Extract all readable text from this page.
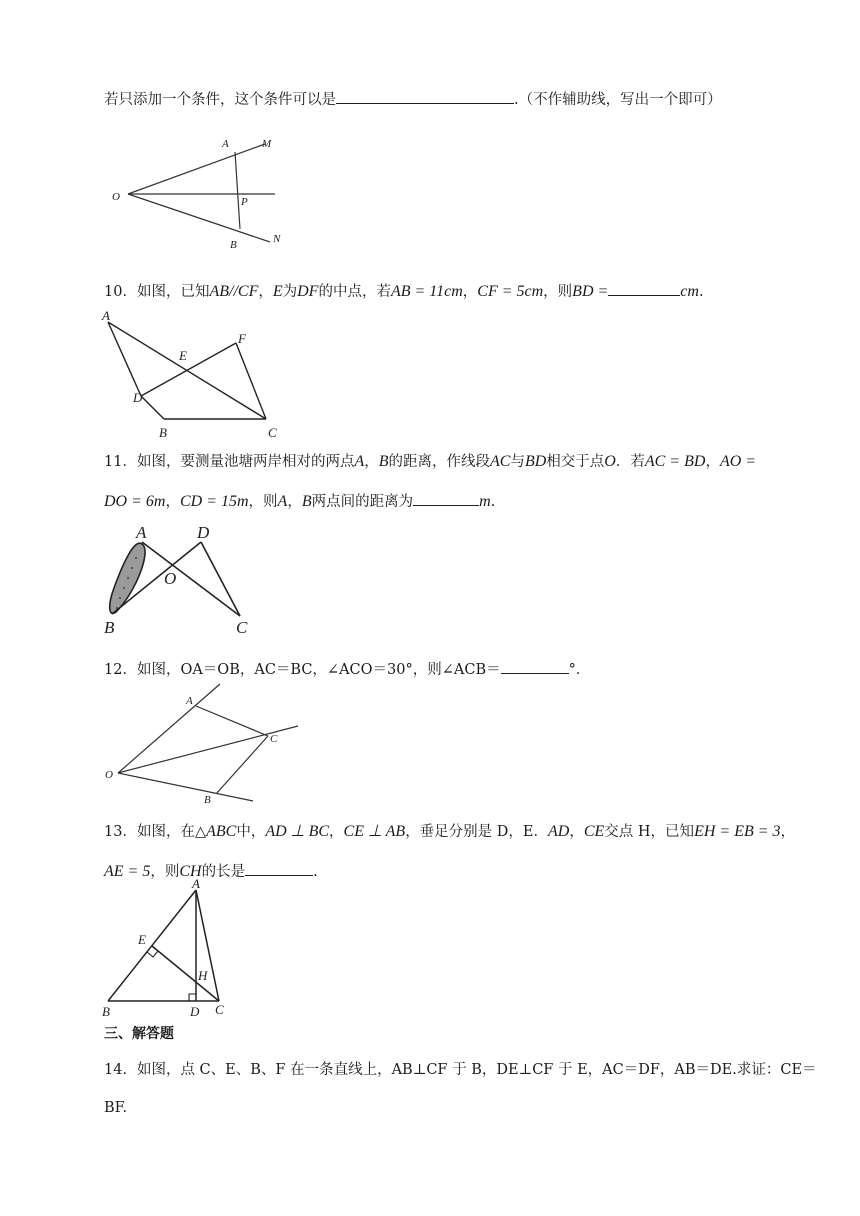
若只添加一个条件，这个条件可以是	.（不作辅助线，写出一个即可）
A	M
O	P
B	N
10．如图，已知AB//CF，E为DF的中点，若AB = 11cm，CF = 5cm，则BD =	cm.
A
F
E
D
B	C
11．如图，要测量池塘两岸相对的两点A，B的距离，作线段AC与BD相交于点O．若AC = BD，AO =
DO = 6m，CD = 15m，则A，B两点间的距离为	m.
A	D
O
B	C
12．如图，OA＝OB，AC＝BC，∠ACO＝30°，则∠ACB＝	°．
A
C
O
B
13．如图，在△ABC中，AD ⊥ BC，CE ⊥ AB，垂足分别是 D，E．AD，CE交点 H，已知EH = EB = 3，
AE = 5，则CH的长是	.
A
E
H
B	D C
三、解答题
14．如图，点 C、E、B、F 在一条直线上，AB⊥CF 于 B，DE⊥CF 于 E，AC＝DF，AB＝DE.求证：CE＝
BF.
